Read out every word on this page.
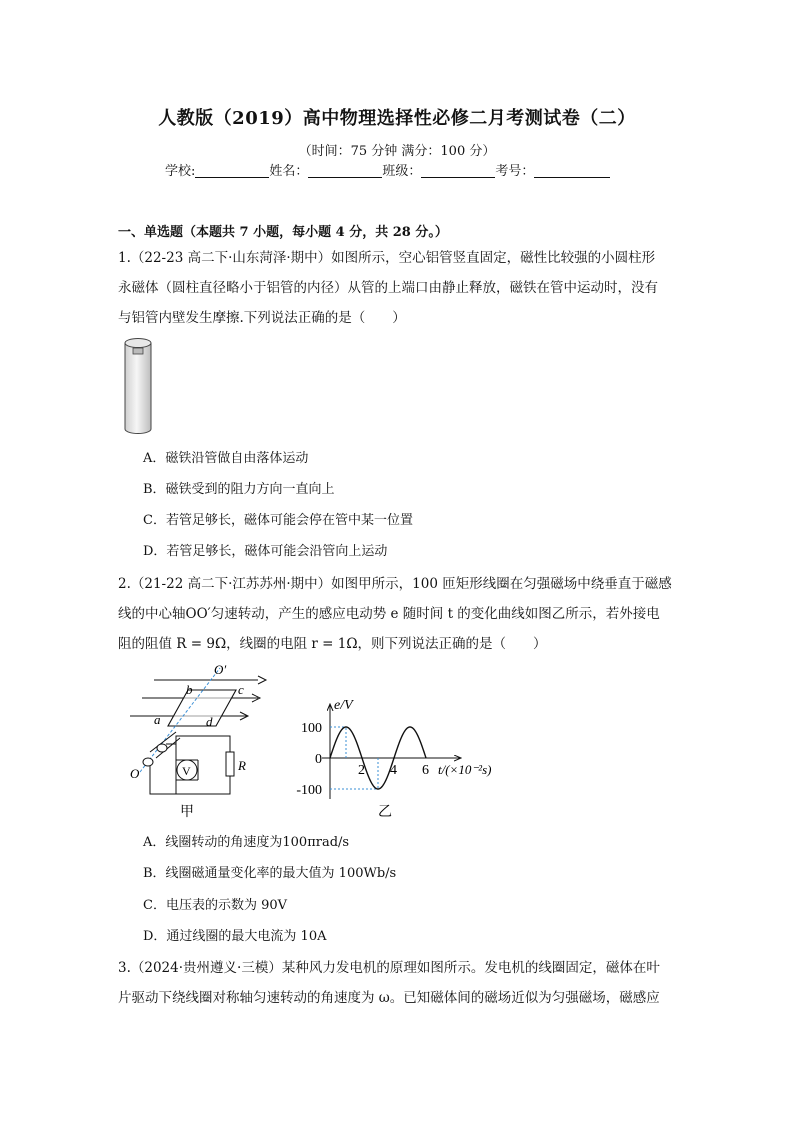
人教版（2019）高中物理选择性必修二月考测试卷（二）
（时间：75 分钟 满分：100 分）
学校:	姓名：	班级：	考号：
一、单选题（本题共 7 小题，每小题 4 分，共 28 分。）
1.（22-23 高二下·山东菏泽·期中）如图所示，空心铝管竖直固定，磁性比较强的小圆柱形
永磁体（圆柱直径略小于铝管的内径）从管的上端口由静止释放，磁铁在管中运动时，没有
与铝管内壁发生摩擦.下列说法正确的是（　　）
A．磁铁沿管做自由落体运动
B．磁铁受到的阻力方向一直向上
C．若管足够长，磁体可能会停在管中某一位置
D．若管足够长，磁体可能会沿管向上运动
2.（21-22 高二下·江苏苏州·期中）如图甲所示，100 匝矩形线圈在匀强磁场中绕垂直于磁感
线的中心轴OO′匀速转动，产生的感应电动势 e 随时间 t 的变化曲线如图乙所示，若外接电
阻的阻值 R = 9Ω，线圈的电阻 r = 1Ω，则下列说法正确的是（　　）
V	R
O′
O
a
b	c
d
甲
2 4 6
100
0
-100
e/V
t/(×10⁻²s)
乙
A．线圈转动的角速度为100πrad/s
B．线圈磁通量变化率的最大值为 100Wb/s
C．电压表的示数为 90V
D．通过线圈的最大电流为 10A
3.（2024·贵州遵义·三模）某种风力发电机的原理如图所示。发电机的线圈固定，磁体在叶
片驱动下绕线圈对称轴匀速转动的角速度为 ω。已知磁体间的磁场近似为匀强磁场，磁感应
